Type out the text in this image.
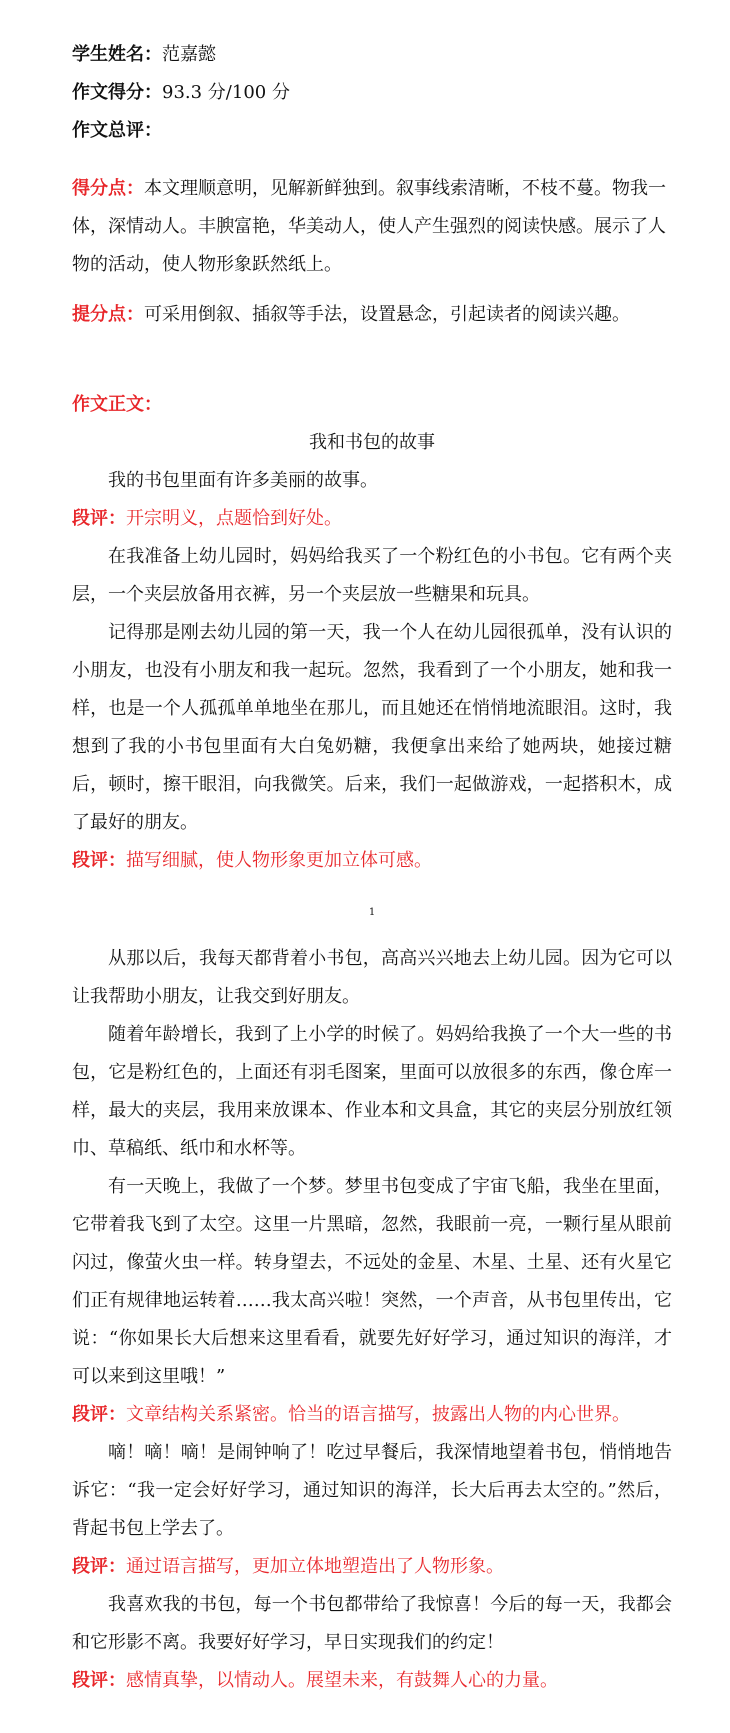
学生姓名：范嘉懿
作文得分：93.3 分/100 分
作文总评：
得分点：本文理顺意明，见解新鲜独到。叙事线索清晰，不枝不蔓。物我一体，深情动人。丰腴富艳，华美动人，使人产生强烈的阅读快感。展示了人物的活动，使人物形象跃然纸上。
提分点：可采用倒叙、插叙等手法，设置悬念，引起读者的阅读兴趣。
作文正文：
我和书包的故事

我的书包里面有许多美丽的故事。

段评：开宗明义，点题恰到好处。

在我准备上幼儿园时，妈妈给我买了一个粉红色的小书包。它有两个夹层，一个夹层放备用衣裤，另一个夹层放一些糖果和玩具。

记得那是刚去幼儿园的第一天，我一个人在幼儿园很孤单，没有认识的小朋友，也没有小朋友和我一起玩。忽然，我看到了一个小朋友，她和我一样，也是一个人孤孤单单地坐在那儿，而且她还在悄悄地流眼泪。这时，我想到了我的小书包里面有大白兔奶糖，我便拿出来给了她两块，她接过糖后，顿时，擦干眼泪，向我微笑。后来，我们一起做游戏，一起搭积木，成了最好的朋友。

段评：描写细腻，使人物形象更加立体可感。

1

从那以后，我每天都背着小书包，高高兴兴地去上幼儿园。因为它可以让我帮助小朋友，让我交到好朋友。

随着年龄增长，我到了上小学的时候了。妈妈给我换了一个大一些的书包，它是粉红色的，上面还有羽毛图案，里面可以放很多的东西，像仓库一样，最大的夹层，我用来放课本、作业本和文具盒，其它的夹层分别放红领巾、草稿纸、纸巾和水杯等。

有一天晚上，我做了一个梦。梦里书包变成了宇宙飞船，我坐在里面，它带着我飞到了太空。这里一片黑暗，忽然，我眼前一亮，一颗行星从眼前闪过，像萤火虫一样。转身望去，不远处的金星、木星、土星、还有火星它们正有规律地运转着……我太高兴啦！突然，一个声音，从书包里传出，它说：“你如果长大后想来这里看看，就要先好好学习，通过知识的海洋，才可以来到这里哦！”

段评：文章结构关系紧密。恰当的语言描写，披露出人物的内心世界。

嘀！嘀！嘀！是闹钟响了！吃过早餐后，我深情地望着书包，悄悄地告诉它：“我一定会好好学习，通过知识的海洋，长大后再去太空的。”然后，背起书包上学去了。

段评：通过语言描写，更加立体地塑造出了人物形象。

我喜欢我的书包，每一个书包都带给了我惊喜！今后的每一天，我都会和它形影不离。我要好好学习，早日实现我们的约定！

段评：感情真挚，以情动人。展望未来，有鼓舞人心的力量。
